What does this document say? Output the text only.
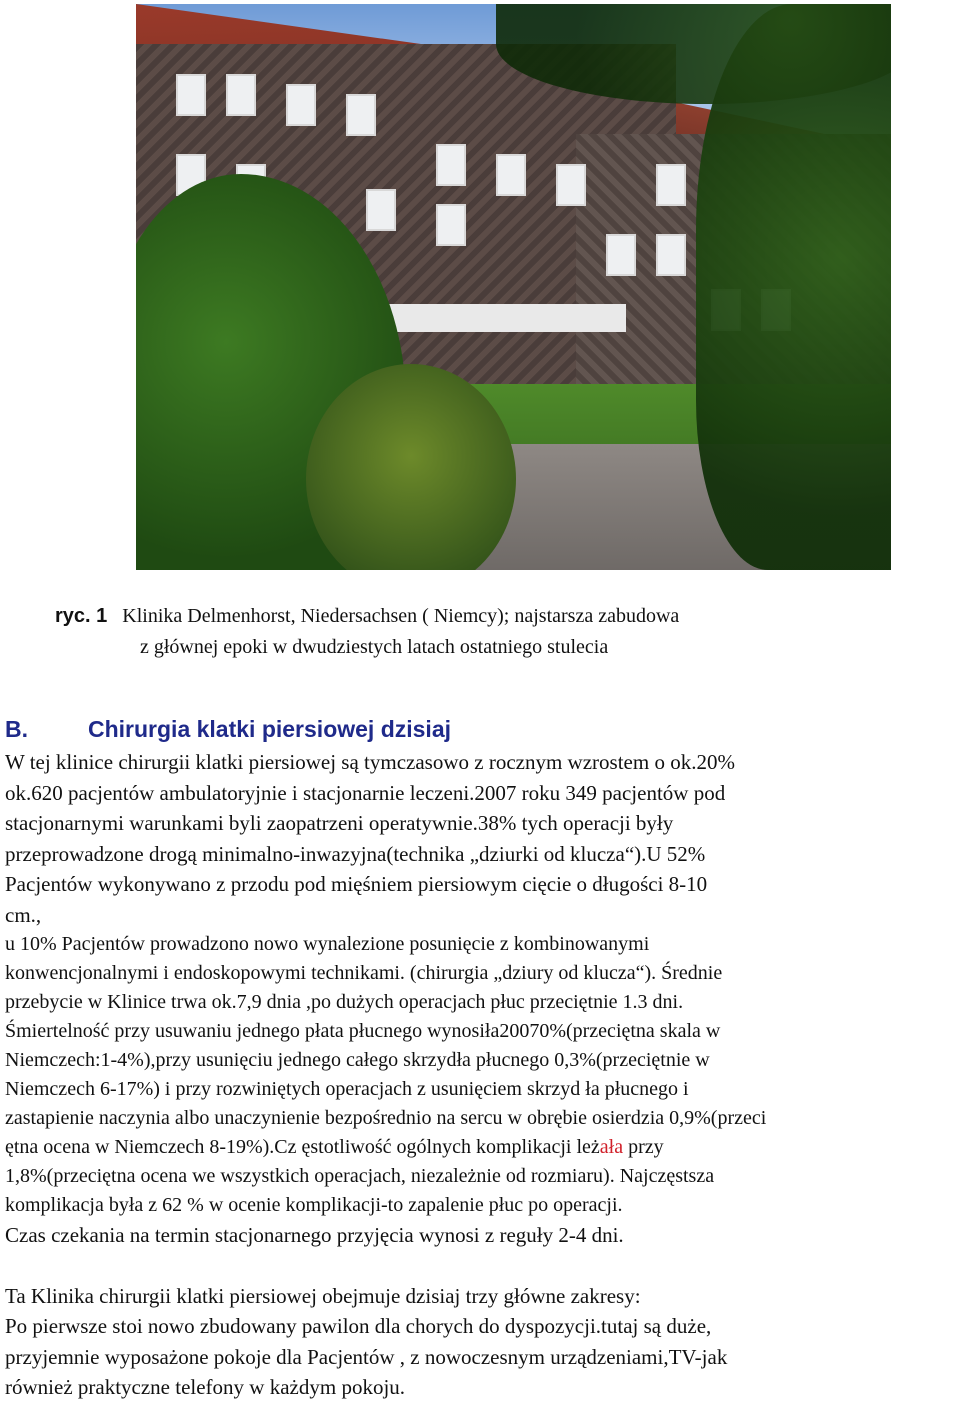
ryc. 1 Klinika Delmenhorst, Niedersachsen ( Niemcy); najstarsza zabudowa
z głównej epoki w dwudziestych latach ostatniego stulecia
B.	Chirurgia klatki piersiowej dzisiaj
W tej klinice chirurgii klatki piersiowej są tymczasowo z rocznym wzrostem o ok.20%
ok.620 pacjentów ambulatoryjnie i stacjonarnie leczeni.2007 roku 349 pacjentów pod
stacjonarnymi warunkami byli zaopatrzeni operatywnie.38% tych operacji były
przeprowadzone drogą minimalno-inwazyjna(technika „dziurki od klucza“).U 52%
Pacjentów wykonywano z przodu pod mięśniem piersiowym cięcie o długości 8-10
cm.,
u 10% Pacjentów prowadzono nowo wynalezione posunięcie z kombinowanymi
konwencjonalnymi i endoskopowymi technikami. (chirurgia „dziury od klucza“). Średnie
przebycie w Klinice trwa ok.7,9 dnia ,po dużych operacjach płuc przeciętnie 1.3 dni.
Śmiertelność przy usuwaniu jednego płata płucnego wynosiła20070%(przeciętna skala w
Niemczech:1-4%),przy usunięciu jednego całego skrzydła płucnego 0,3%(przeciętnie w
Niemczech 6-17%) i przy rozwiniętych operacjach z usunięciem skrzyd ła płucnego i
zastapienie naczynia albo unaczynienie bezpośrednio na sercu w obrębie osierdzia 0,9%(przeci
ętna ocena w Niemczech 8-19%).Cz ęstotliwość ogólnych komplikacji leżała przy
1,8%(przeciętna ocena we wszystkich operacjach, niezależnie od rozmiaru). Najczęstsza
komplikacja była z 62 % w ocenie komplikacji-to zapalenie płuc po operacji.
Czas czekania na termin stacjonarnego przyjęcia wynosi z reguły 2-4 dni.
Ta Klinika chirurgii klatki piersiowej obejmuje dzisiaj trzy główne zakresy:
Po pierwsze stoi nowo zbudowany pawilon dla chorych do dyspozycji.tutaj są duże,
przyjemnie wyposażone pokoje dla Pacjentów , z nowoczesnym urządzeniami,TV-jak
również praktyczne telefony w każdym pokoju.
